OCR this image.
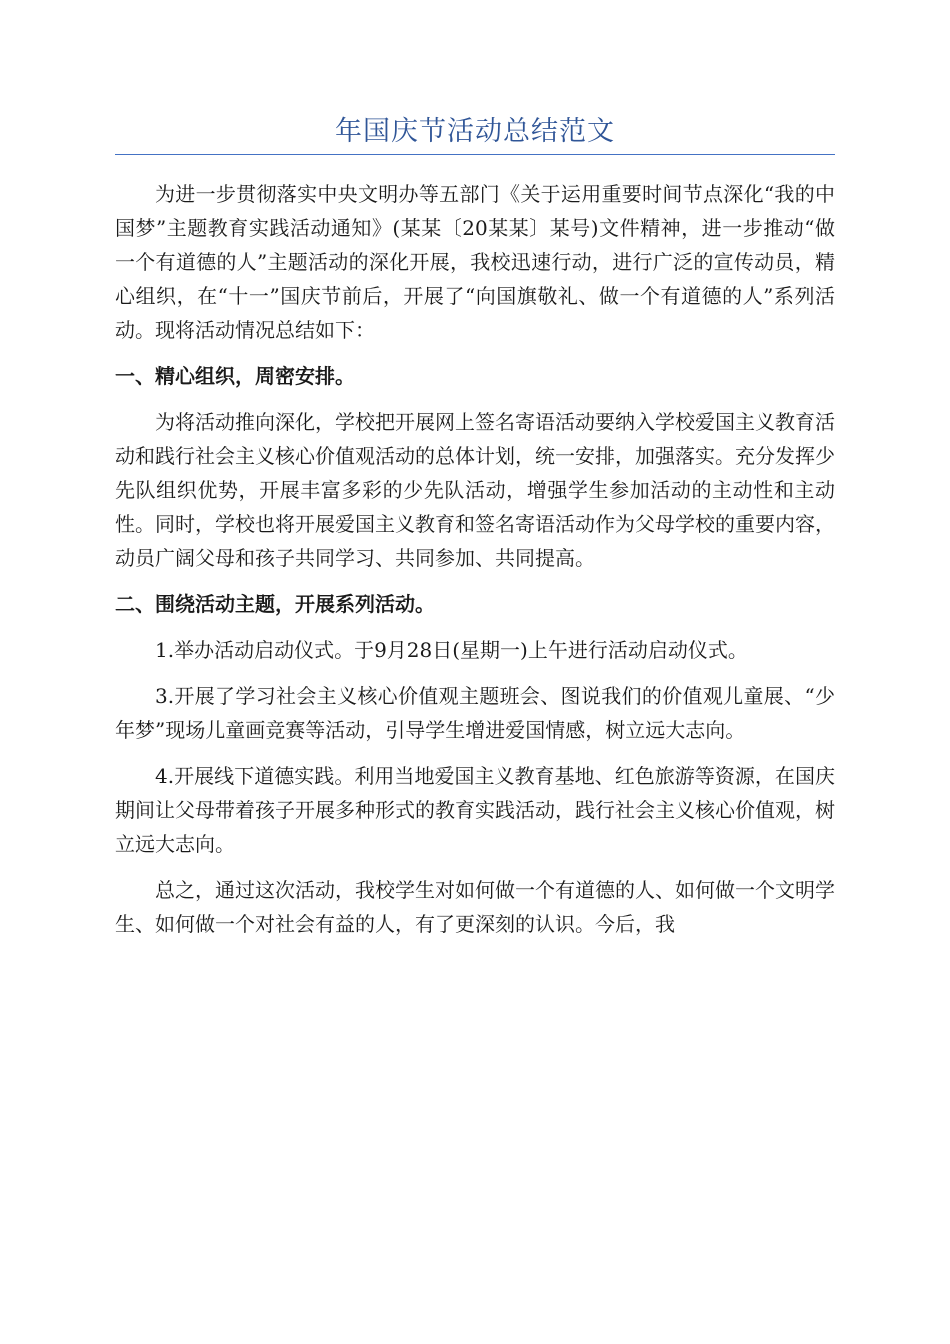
年国庆节活动总结范文

为进一步贯彻落实中央文明办等五部门《关于运用重要时间节点深化“我的中国梦”主题教育实践活动通知》(某某〔20某某〕某号)文件精神，进一步推动“做一个有道德的人”主题活动的深化开展，我校迅速行动，进行广泛的宣传动员，精心组织，在“十一”国庆节前后，开展了“向国旗敬礼、做一个有道德的人”系列活动。现将活动情况总结如下：

一、精心组织，周密安排。

为将活动推向深化，学校把开展网上签名寄语活动要纳入学校爱国主义教育活动和践行社会主义核心价值观活动的总体计划，统一安排，加强落实。充分发挥少先队组织优势，开展丰富多彩的少先队活动，增强学生参加活动的主动性和主动性。同时，学校也将开展爱国主义教育和签名寄语活动作为父母学校的重要内容，动员广阔父母和孩子共同学习、共同参加、共同提高。

二、围绕活动主题，开展系列活动。

1.举办活动启动仪式。于9月28日(星期一)上午进行活动启动仪式。

3.开展了学习社会主义核心价值观主题班会、图说我们的价值观儿童展、“少年梦”现场儿童画竞赛等活动，引导学生增进爱国情感，树立远大志向。

4.开展线下道德实践。利用当地爱国主义教育基地、红色旅游等资源，在国庆期间让父母带着孩子开展多种形式的教育实践活动，践行社会主义核心价值观，树立远大志向。

总之，通过这次活动，我校学生对如何做一个有道德的人、如何做一个文明学生、如何做一个对社会有益的人，有了更深刻的认识。今后，我
